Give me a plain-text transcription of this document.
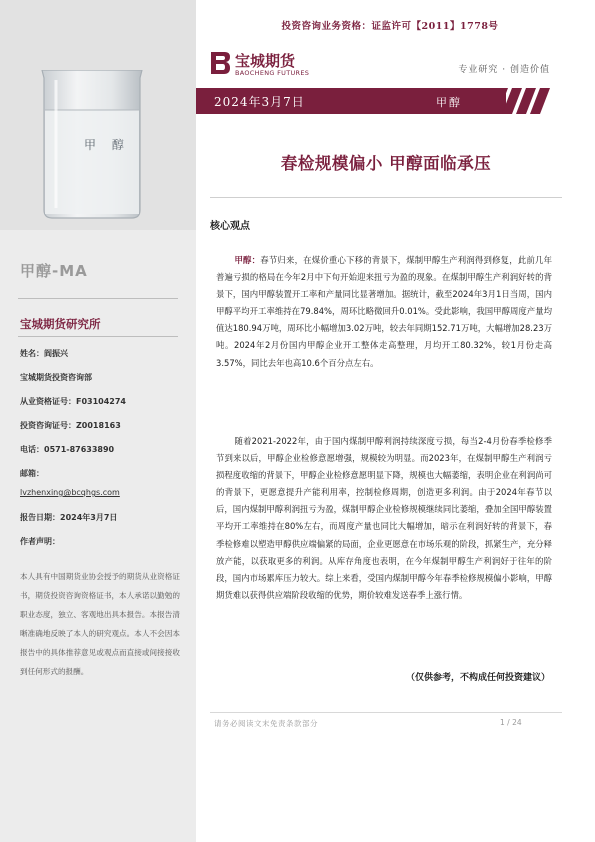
甲 醇
甲醇-MA
宝城期货研究所
姓名：阎振兴
宝城期货投资咨询部
从业资格证号：F03104274
投资咨询证号：Z0018163
电话：0571-87633890
邮箱：
lvzhenxing@bcqhgs.com
报告日期：2024年3月7日
作者声明：
本人具有中国期货业协会授予的期货从业资格证书，期货投资咨询资格证书，本人承诺以勤勉的职业态度，独立、客观地出具本报告。本报告清晰准确地反映了本人的研究观点。本人不会因本报告中的具体推荐意见或观点而直接或间接接收到任何形式的报酬。
投资咨询业务资格：证监许可【2011】1778号
宝城期货
BAOCHENG FUTURES	专业研究 · 创造价值
2024年3月7日	甲醇
春检规模偏小 甲醇面临承压
核心观点
甲醇：春节归来，在煤价重心下移的背景下，煤制甲醇生产利润得到修复，此前几年普遍亏损的格局在今年2月中下旬开始迎来扭亏为盈的现象。在煤制甲醇生产利润好转的背景下，国内甲醇装置开工率和产量同比显著增加。据统计，截至2024年3月1日当周，国内甲醇平均开工率维持在79.84%，周环比略微回升0.01%。受此影响，我国甲醇周度产量均值达180.94万吨，周环比小幅增加3.02万吨，较去年同期152.71万吨，大幅增加28.23万吨。2024年2月份国内甲醇企业开工整体走高整理，月均开工80.32%，较1月份走高3.57%，同比去年也高10.6个百分点左右。
随着2021-2022年，由于国内煤制甲醇利润持续深度亏损，每当2-4月份春季检修季节到来以后，甲醇企业检修意愿增强，规模较为明显。而2023年，在煤制甲醇生产利润亏损程度收缩的背景下，甲醇企业检修意愿明显下降，规模也大幅萎缩，表明企业在利润尚可的背景下，更愿意提升产能利用率，控制检修周期，创造更多利润。由于2024年春节以后，国内煤制甲醇利润扭亏为盈，煤制甲醇企业检修规模继续同比萎缩，叠加全国甲醇装置平均开工率维持在80%左右，而周度产量也同比大幅增加，暗示在利润好转的背景下，春季检修难以塑造甲醇供应端偏紧的局面，企业更愿意在市场乐观的阶段，抓紧生产，充分释放产能，以获取更多的利润。从库存角度也表明，在今年煤制甲醇生产利润好于往年的阶段，国内市场累库压力较大。综上来看，受国内煤制甲醇今年春季检修规模偏小影响，甲醇期货难以获得供应端阶段收缩的优势，期价较难发送春季上涨行情。
（仅供参考，不构成任何投资建议）
请务必阅读文末免责条款部分	1 / 24
